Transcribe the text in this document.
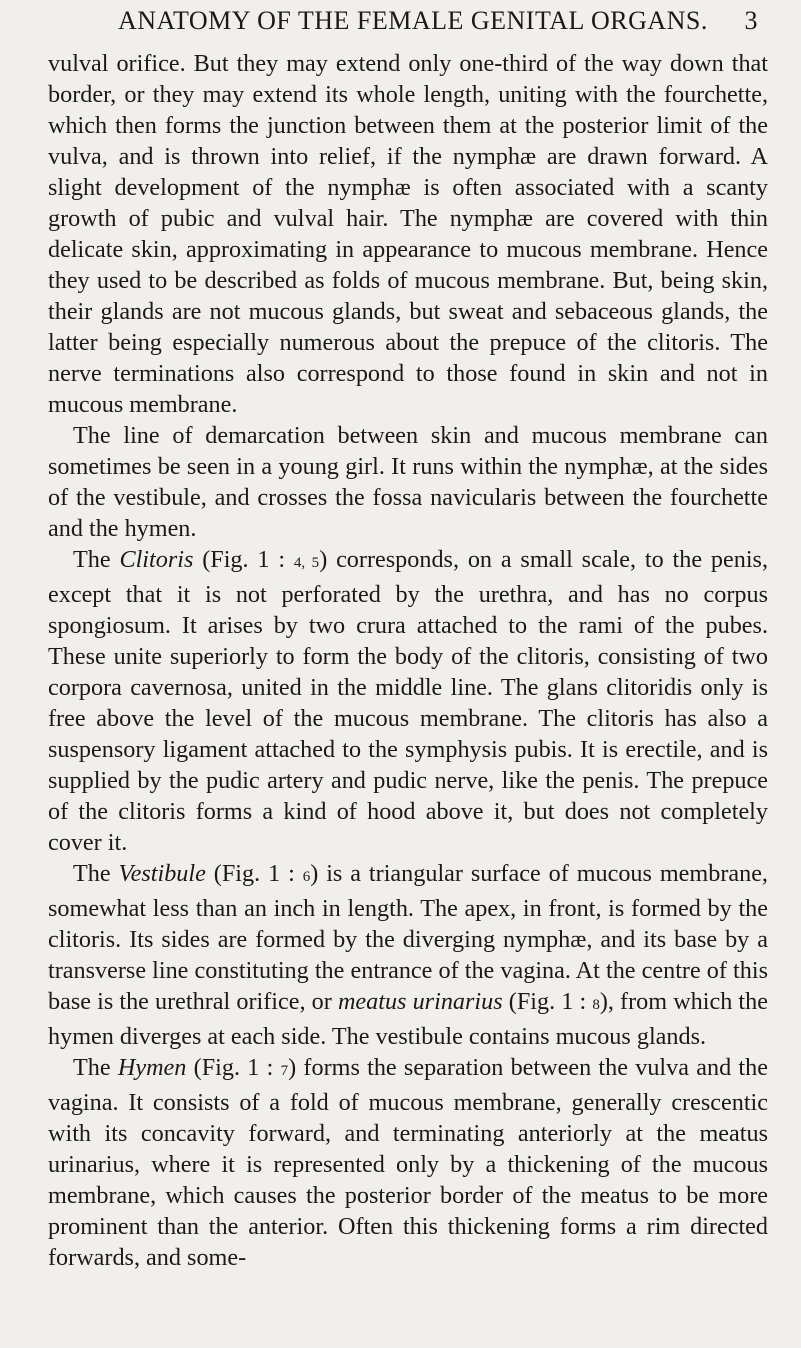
ANATOMY OF THE FEMALE GENITAL ORGANS. 3

vulval orifice. But they may extend only one-third of the way down that border, or they may extend its whole length, uniting with the fourchette, which then forms the junction between them at the posterior limit of the vulva, and is thrown into relief, if the nymphæ are drawn forward. A slight development of the nymphæ is often associated with a scanty growth of pubic and vulval hair. The nymphæ are covered with thin delicate skin, approximating in appearance to mucous membrane. Hence they used to be described as folds of mucous membrane. But, being skin, their glands are not mucous glands, but sweat and sebaceous glands, the latter being especially numerous about the prepuce of the clitoris. The nerve terminations also correspond to those found in skin and not in mucous membrane.

The line of demarcation between skin and mucous membrane can sometimes be seen in a young girl. It runs within the nymphæ, at the sides of the vestibule, and crosses the fossa navicularis between the fourchette and the hymen.

The Clitoris (Fig. 1 : 4, 5) corresponds, on a small scale, to the penis, except that it is not perforated by the urethra, and has no corpus spongiosum. It arises by two crura attached to the rami of the pubes. These unite superiorly to form the body of the clitoris, consisting of two corpora cavernosa, united in the middle line. The glans clitoridis only is free above the level of the mucous membrane. The clitoris has also a suspensory ligament attached to the symphysis pubis. It is erectile, and is supplied by the pudic artery and pudic nerve, like the penis. The prepuce of the clitoris forms a kind of hood above it, but does not completely cover it.

The Vestibule (Fig. 1 : 6) is a triangular surface of mucous membrane, somewhat less than an inch in length. The apex, in front, is formed by the clitoris. Its sides are formed by the diverging nymphæ, and its base by a transverse line constituting the entrance of the vagina. At the centre of this base is the urethral orifice, or meatus urinarius (Fig. 1 : 8), from which the hymen diverges at each side. The vestibule contains mucous glands.

The Hymen (Fig. 1 : 7) forms the separation between the vulva and the vagina. It consists of a fold of mucous membrane, generally crescentic with its concavity forward, and terminating anteriorly at the meatus urinarius, where it is represented only by a thickening of the mucous membrane, which causes the posterior border of the meatus to be more prominent than the anterior. Often this thickening forms a rim directed forwards, and some-
